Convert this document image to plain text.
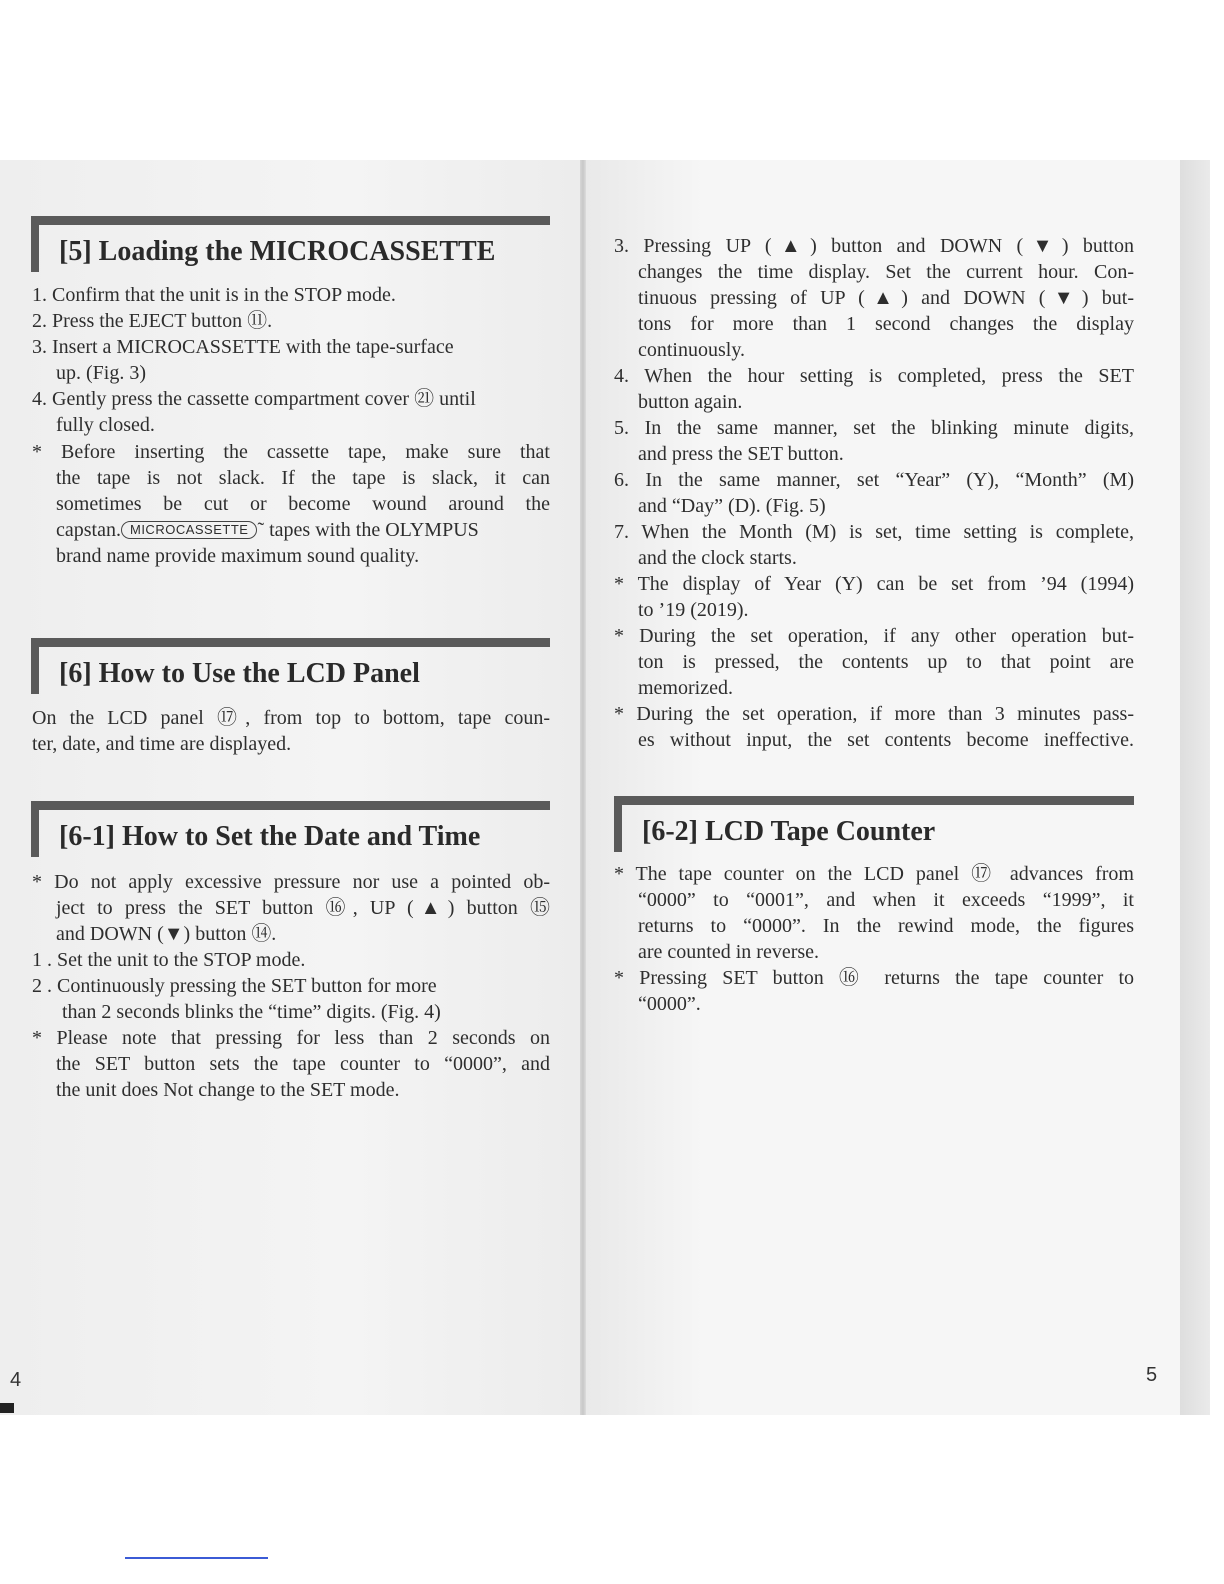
[5] Loading the MICROCASSETTE
1. Confirm that the unit is in the STOP mode.
2. Press the EJECT button ⑪.
3. Insert a MICROCASSETTE with the tape-surface
up. (Fig. 3)
4. Gently press the cassette compartment cover ㉑ until
fully closed.
* Before inserting the cassette tape, make sure that
the tape is not slack. If the tape is slack, it can
sometimes be cut or become wound around the
capstan. MICROCASSETTE ˜ tapes with the OLYMPUS
brand name provide maximum sound quality.
[6] How to Use the LCD Panel
On the LCD panel ⑰, from top to bottom, tape coun-
ter, date, and time are displayed.
[6-1] How to Set the Date and Time
* Do not apply excessive pressure nor use a pointed ob-
ject to press the SET button ⑯, UP (▲) button ⑮
and DOWN (▼) button ⑭.
1 . Set the unit to the STOP mode.
2 . Continuously pressing the SET button for more
than 2 seconds blinks the “time” digits. (Fig. 4)
* Please note that pressing for less than 2 seconds on
the SET button sets the tape counter to “0000”, and
the unit does Not change to the SET mode.
4
3. Pressing UP (▲) button and DOWN (▼) button
changes the time display. Set the current hour. Con-
tinuous pressing of UP (▲) and DOWN (▼) but-
tons for more than 1 second changes the display
continuously.
4. When the hour setting is completed, press the SET
button again.
5. In the same manner, set the blinking minute digits,
and press the SET button.
6. In the same manner, set “Year” (Y), “Month” (M)
and “Day” (D). (Fig. 5)
7. When the Month (M) is set, time setting is complete,
and the clock starts.
* The display of Year (Y) can be set from ’94 (1994)
to ’19 (2019).
* During the set operation, if any other operation but-
ton is pressed, the contents up to that point are
memorized.
* During the set operation, if more than 3 minutes pass-
es without input, the set contents become ineffective.
[6-2] LCD Tape Counter
* The tape counter on the LCD panel ⑰ advances from
“0000” to “0001”, and when it exceeds “1999”, it
returns to “0000”. In the rewind mode, the figures
are counted in reverse.
* Pressing SET button ⑯ returns the tape counter to
“0000”.
5
